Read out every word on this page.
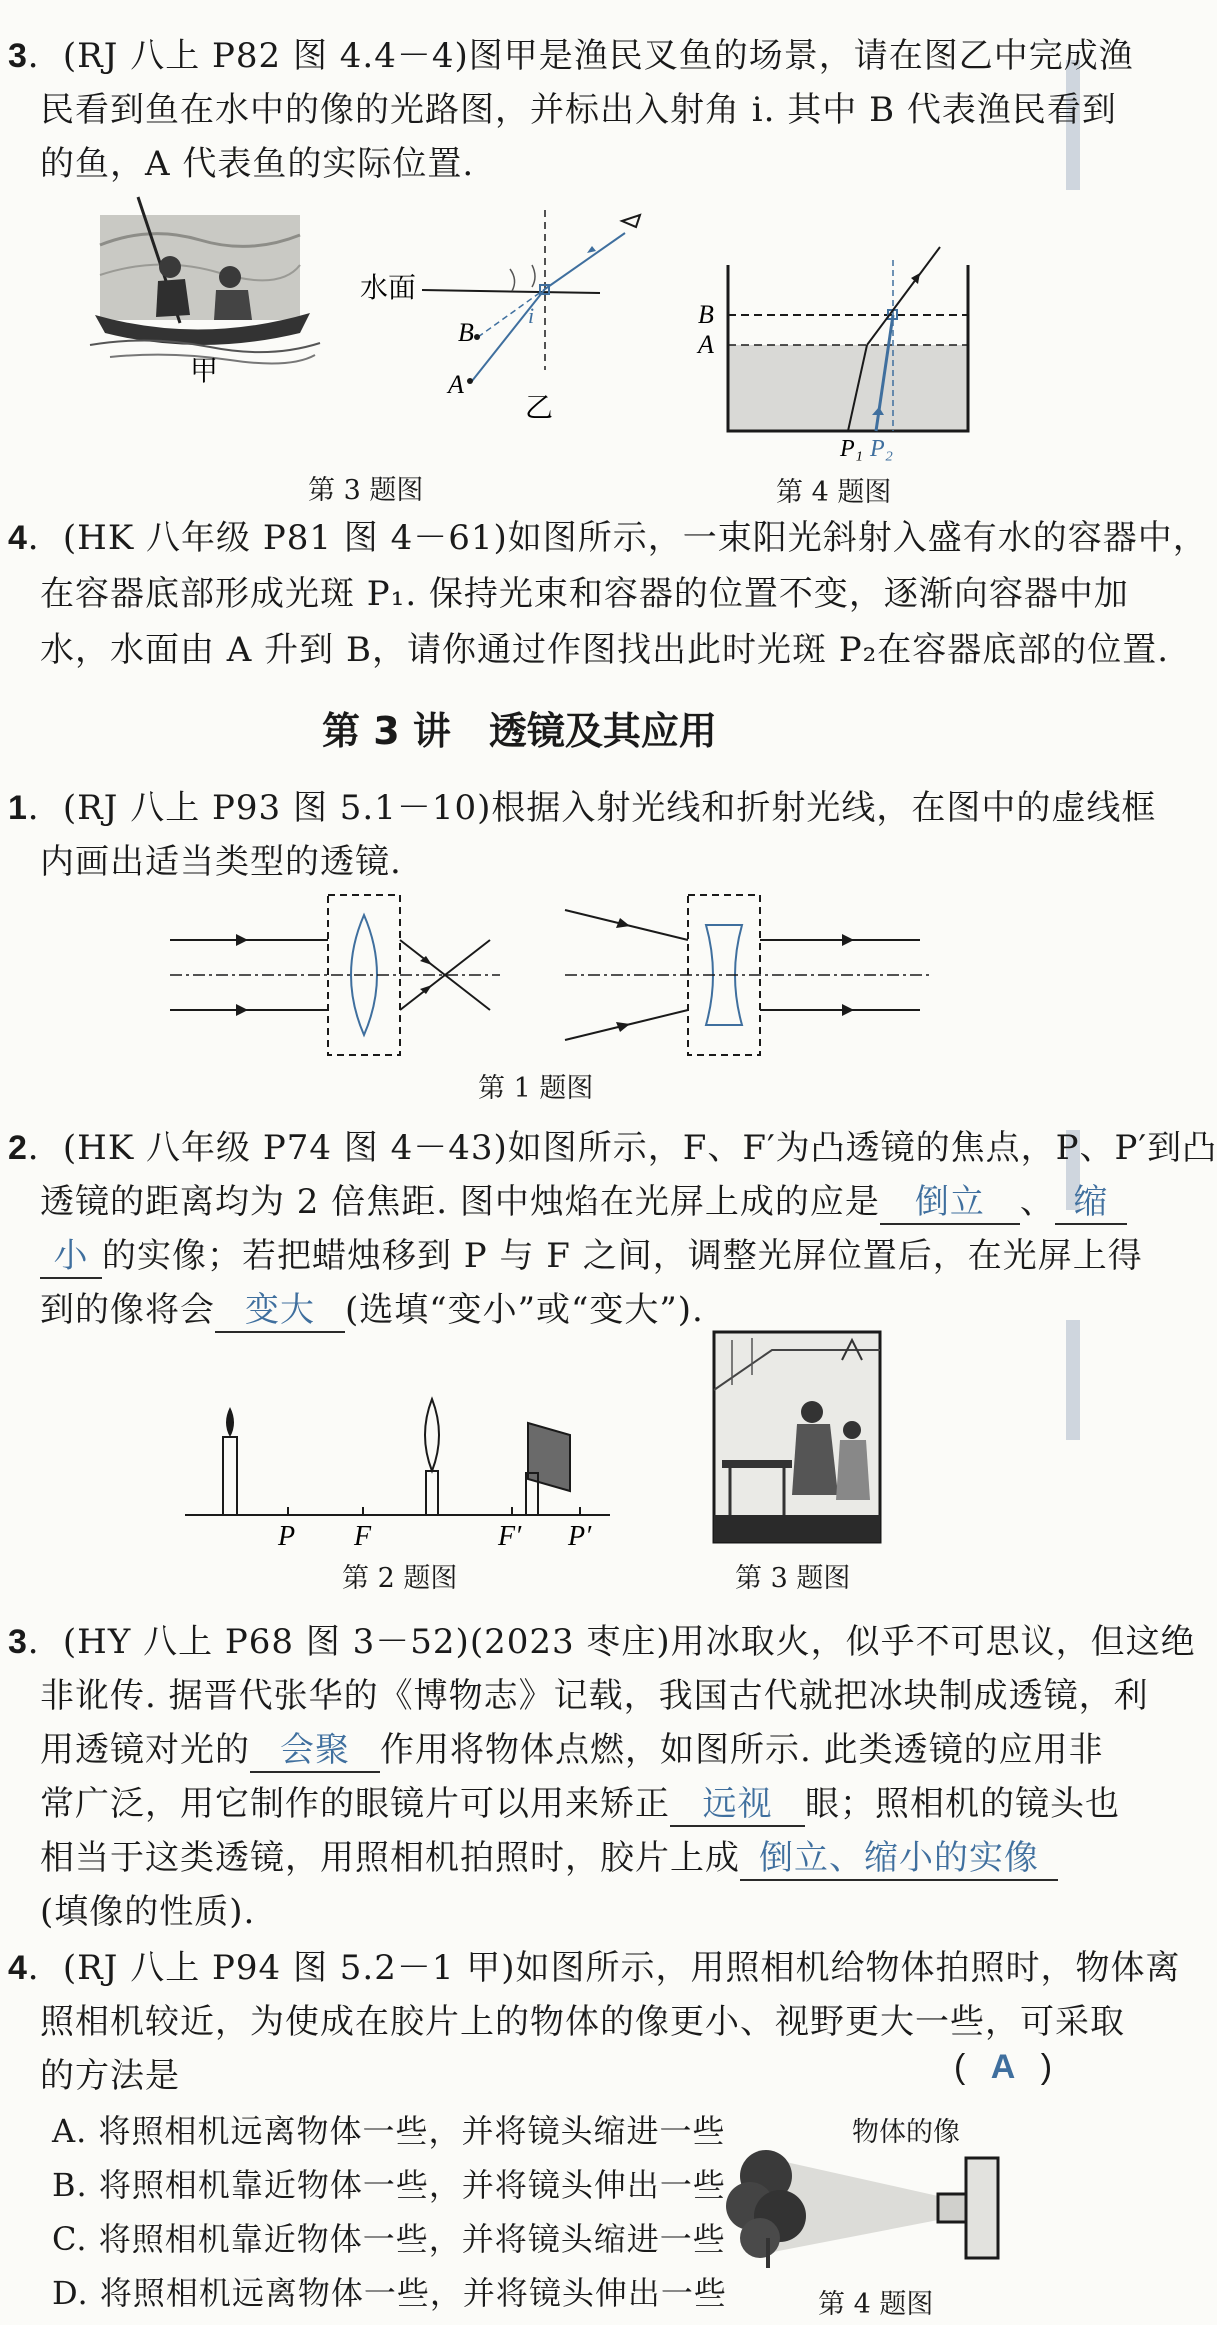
3．(RJ 八上 P82 图 4.4－4)图甲是渔民叉鱼的场景，请在图乙中完成渔
民看到鱼在水中的像的光路图，并标出入射角 i. 其中 B 代表渔民看到
的鱼，A 代表鱼的实际位置.
甲
水面
B
A
i
乙
B
A
P₁ P₂
第 3 题图	第 4 题图
4．(HK 八年级 P81 图 4－61)如图所示，一束阳光斜射入盛有水的容器中，
在容器底部形成光斑 P₁. 保持光束和容器的位置不变，逐渐向容器中加
水，水面由 A 升到 B，请你通过作图找出此时光斑 P₂在容器底部的位置.
第 3 讲　透镜及其应用
1．(RJ 八上 P93 图 5.1－10)根据入射光线和折射光线，在图中的虚线框
内画出适当类型的透镜.
第 1 题图
2．(HK 八年级 P74 图 4－43)如图所示，F、F′为凸透镜的焦点，P、P′到凸
透镜的距离均为 2 倍焦距. 图中烛焰在光屏上成的应是 倒立 、 缩
小 的实像；若把蜡烛移到 P 与 F 之间，调整光屏位置后，在光屏上得
到的像将会 变大 (选填“变小”或“变大”).
P F	F′ P′
第 2 题图	第 3 题图
3．(HY 八上 P68 图 3－52)(2023 枣庄)用冰取火，似乎不可思议，但这绝
非讹传. 据晋代张华的《博物志》记载，我国古代就把冰块制成透镜，利
用透镜对光的 会聚 作用将物体点燃，如图所示. 此类透镜的应用非
常广泛，用它制作的眼镜片可以用来矫正 远视 眼；照相机的镜头也
相当于这类透镜，用照相机拍照时，胶片上成 倒立、缩小的实像
(填像的性质).
4．(RJ 八上 P94 图 5.2－1 甲)如图所示，用照相机给物体拍照时，物体离
照相机较近，为使成在胶片上的物体的像更小、视野更大一些，可采取
的方法是	( A )
A. 将照相机远离物体一些，并将镜头缩进一些
B. 将照相机靠近物体一些，并将镜头伸出一些
C. 将照相机靠近物体一些，并将镜头缩进一些
D. 将照相机远离物体一些，并将镜头伸出一些
物体的像
第 4 题图
